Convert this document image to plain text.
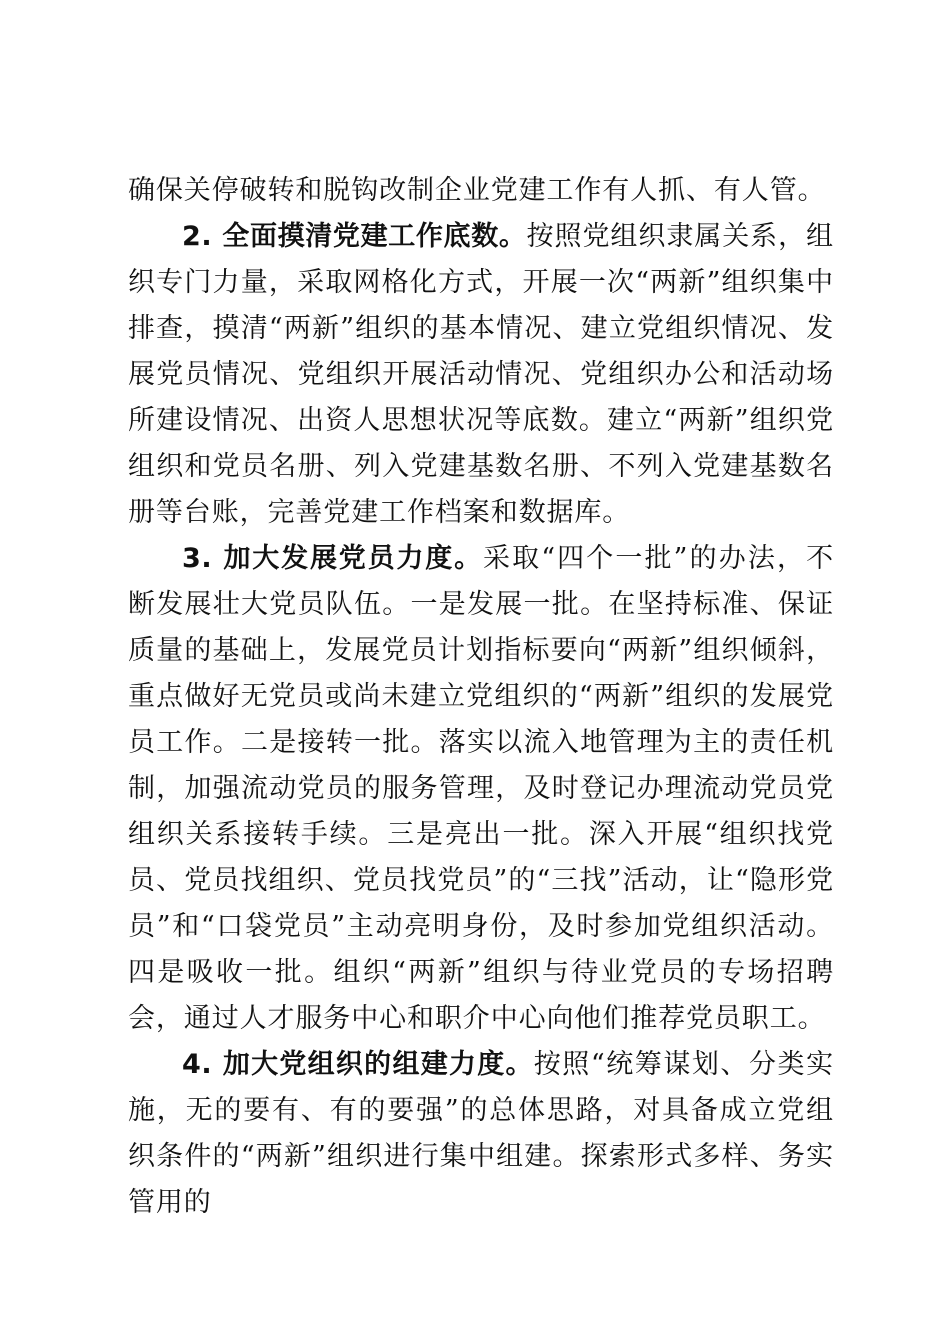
确保关停破转和脱钩改制企业党建工作有人抓、有人管。

2. 全面摸清党建工作底数。按照党组织隶属关系，组织专门力量，采取网格化方式，开展一次“两新”组织集中排查，摸清“两新”组织的基本情况、建立党组织情况、发展党员情况、党组织开展活动情况、党组织办公和活动场所建设情况、出资人思想状况等底数。建立“两新”组织党组织和党员名册、列入党建基数名册、不列入党建基数名册等台账，完善党建工作档案和数据库。

3. 加大发展党员力度。采取“四个一批”的办法，不断发展壮大党员队伍。一是发展一批。在坚持标准、保证质量的基础上，发展党员计划指标要向“两新”组织倾斜，重点做好无党员或尚未建立党组织的“两新”组织的发展党员工作。二是接转一批。落实以流入地管理为主的责任机制，加强流动党员的服务管理，及时登记办理流动党员党组织关系接转手续。三是亮出一批。深入开展“组织找党员、党员找组织、党员找党员”的“三找”活动，让“隐形党员”和“口袋党员”主动亮明身份，及时参加党组织活动。四是吸收一批。组织“两新”组织与待业党员的专场招聘会，通过人才服务中心和职介中心向他们推荐党员职工。

4. 加大党组织的组建力度。按照“统筹谋划、分类实施，无的要有、有的要强”的总体思路，对具备成立党组织条件的“两新”组织进行集中组建。探索形式多样、务实管用的
